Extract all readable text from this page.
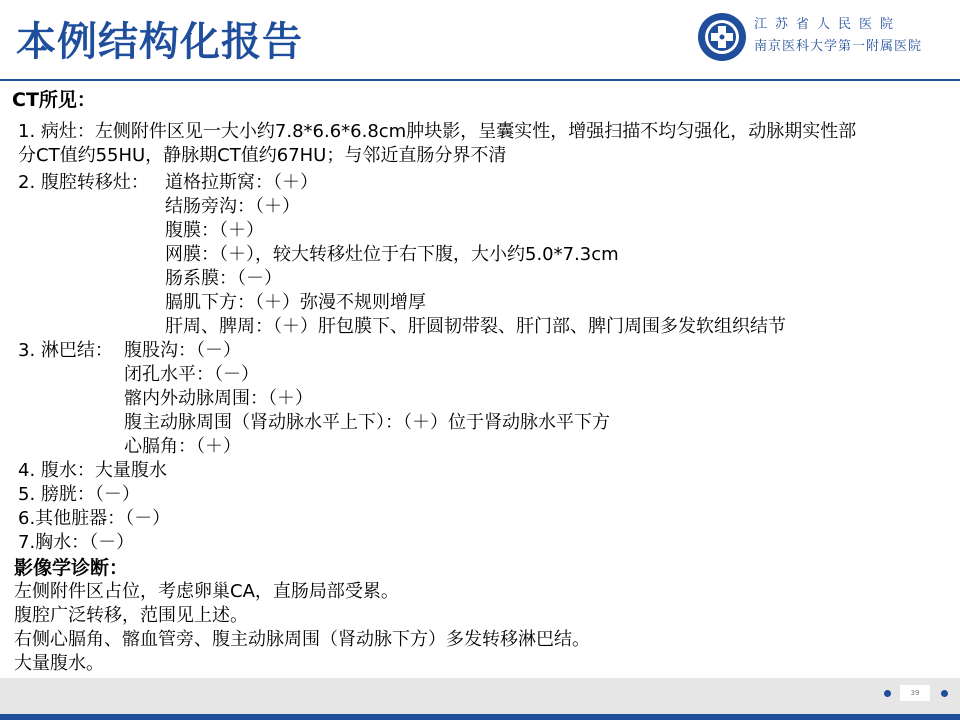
本例结构化报告	江苏省人民医院
南京医科大学第一附属医院
CT所见：
1. 病灶：左侧附件区见一大小约7.8*6.6*6.8cm肿块影，呈囊实性，增强扫描不均匀强化，动脉期实性部
分CT值约55HU，静脉期CT值约67HU；与邻近直肠分界不清
2. 腹腔转移灶： 道格拉斯窝：（＋）
结肠旁沟：（＋）
腹膜：（＋）
网膜：（＋），较大转移灶位于右下腹，大小约5.0*7.3cm
肠系膜：（－）
膈肌下方：（＋）弥漫不规则增厚
肝周、脾周：（＋）肝包膜下、肝圆韧带裂、肝门部、脾门周围多发软组织结节
3. 淋巴结： 腹股沟：（－）
闭孔水平：（－）
髂内外动脉周围：（＋）
腹主动脉周围（肾动脉水平上下）：（＋）位于肾动脉水平下方
心膈角：（＋）
4. 腹水：大量腹水
5. 膀胱：（－）
6.其他脏器：（－）
7.胸水：（－）
影像学诊断：
左侧附件区占位，考虑卵巢CA，直肠局部受累。
腹腔广泛转移，范围见上述。
右侧心膈角、髂血管旁、腹主动脉周围（肾动脉下方）多发转移淋巴结。
大量腹水。
39
